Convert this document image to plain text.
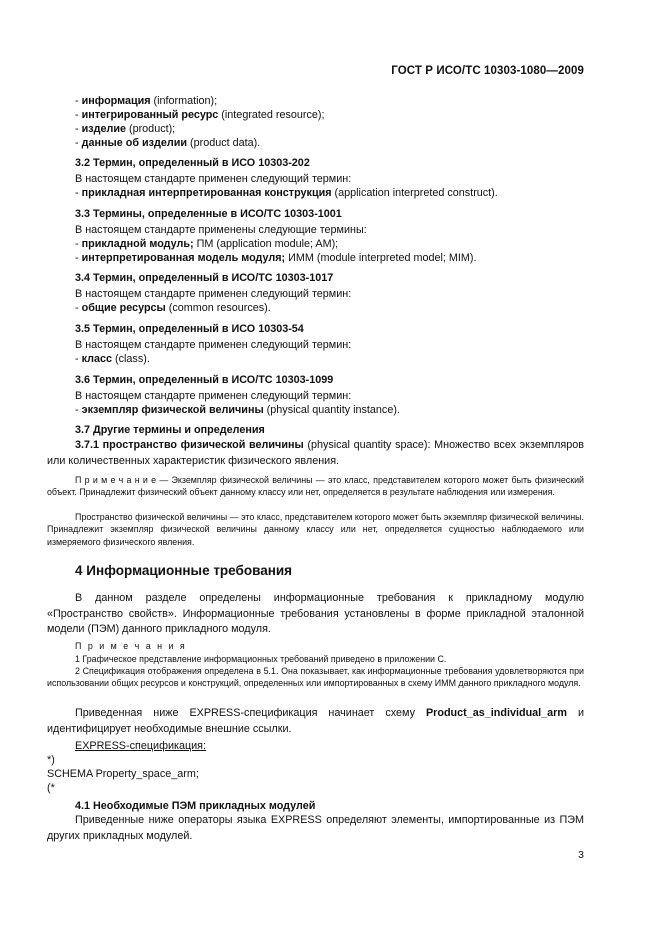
ГОСТ Р ИСО/ТС 10303-1080—2009
- информация (information);
- интегрированный ресурс (integrated resource);
- изделие (product);
- данные об изделии (product data).
3.2 Термин, определенный в ИСО 10303-202
В настоящем стандарте применен следующий термин:
- прикладная интерпретированная конструкция (application interpreted construct).
3.3 Термины, определенные в ИСО/ТС 10303-1001
В настоящем стандарте применены следующие термины:
- прикладной модуль; ПМ (application module; AM);
- интерпретированная модель модуля; ИММ (module interpreted model; MIM).
3.4 Термин, определенный в ИСО/ТС 10303-1017
В настоящем стандарте применен следующий термин:
- общие ресурсы (common resources).
3.5 Термин, определенный в ИСО 10303-54
В настоящем стандарте применен следующий термин:
- класс (class).
3.6 Термин, определенный в ИСО/ТС 10303-1099
В настоящем стандарте применен следующий термин:
- экземпляр физической величины (physical quantity instance).
3.7 Другие термины и определения
3.7.1 пространство физической величины (physical quantity space): Множество всех экземпляров или количественных характеристик физического явления.
П р и м е ч а н и е — Экземпляр физической величины — это класс, представителем которого может быть физический объект. Принадлежит физический объект данному классу или нет, определяется в результате наблюдения или измерения.
Пространство физической величины — это класс, представителем которого может быть экземпляр физической величины. Принадлежит экземпляр физической величины данному классу или нет, определяется сущностью наблюдаемого или измеряемого физического явления.
4 Информационные требования
В данном разделе определены информационные требования к прикладному модулю «Пространство свойств». Информационные требования установлены в форме прикладной эталонной модели (ПЭМ) данного прикладного модуля.
П р и м е ч а н и я
1 Графическое представление информационных требований приведено в приложении С.
2 Спецификация отображения определена в 5.1. Она показывает, как информационные требования удовлетворяются при использовании общих ресурсов и конструкций, определенных или импортированных в схему ИММ данного прикладного модуля.
Приведенная ниже EXPRESS-спецификация начинает схему Product_as_individual_arm и идентифицирует необходимые внешние ссылки.
EXPRESS-спецификация:
*)
SCHEMA Property_space_arm;
(*
4.1 Необходимые ПЭМ прикладных модулей
Приведенные ниже операторы языка EXPRESS определяют элементы, импортированные из ПЭМ других прикладных модулей.
3
